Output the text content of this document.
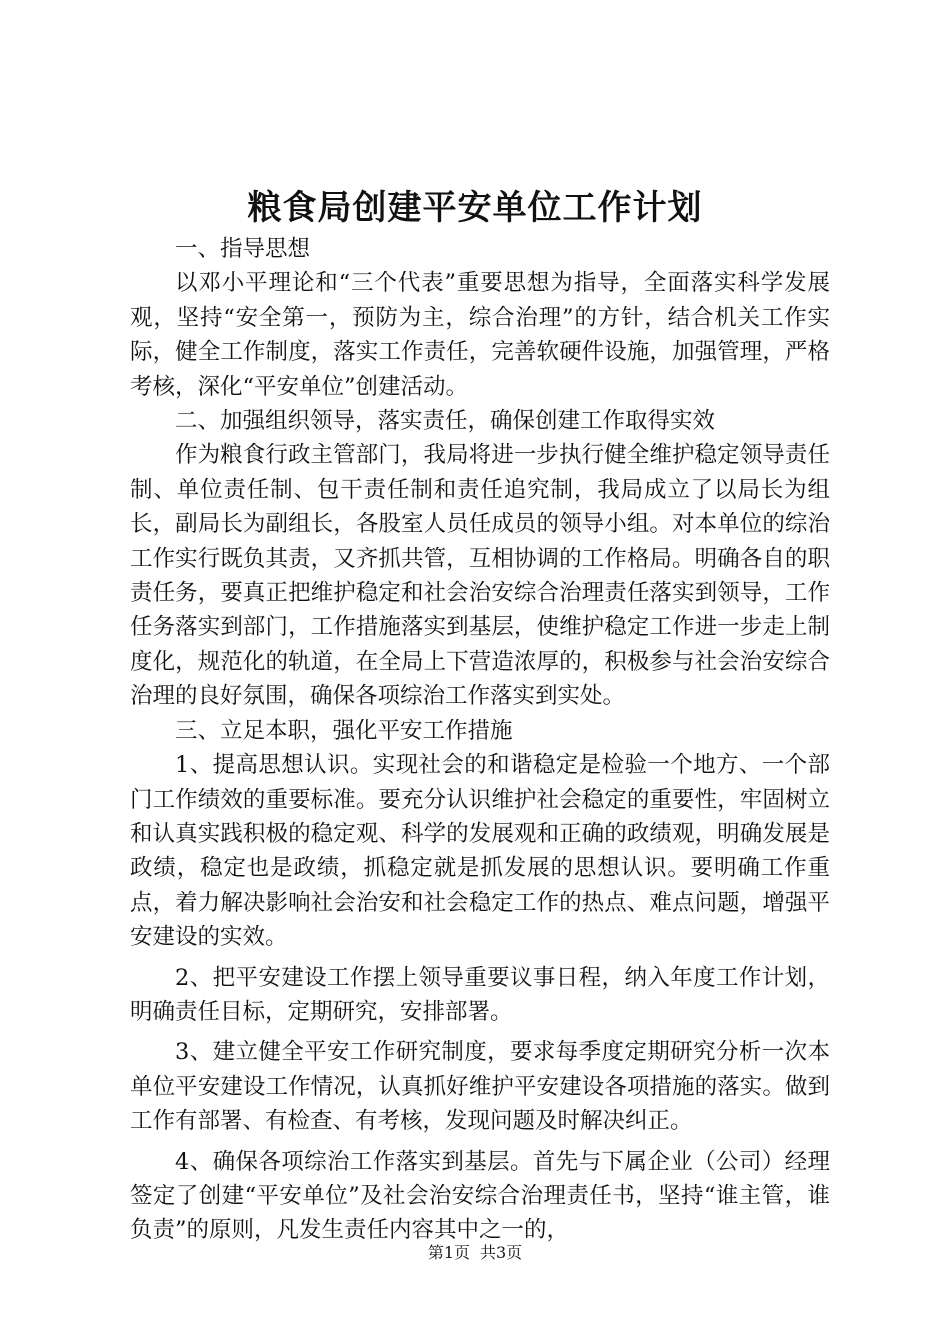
粮食局创建平安单位工作计划

一、指导思想

以邓小平理论和“三个代表”重要思想为指导，全面落实科学发展观，坚持“安全第一，预防为主，综合治理”的方针，结合机关工作实际，健全工作制度，落实工作责任，完善软硬件设施，加强管理，严格考核，深化“平安单位”创建活动。

二、加强组织领导，落实责任，确保创建工作取得实效

作为粮食行政主管部门，我局将进一步执行健全维护稳定领导责任制、单位责任制、包干责任制和责任追究制，我局成立了以局长为组长，副局长为副组长，各股室人员任成员的领导小组。对本单位的综治工作实行既负其责，又齐抓共管，互相协调的工作格局。明确各自的职责任务，要真正把维护稳定和社会治安综合治理责任落实到领导，工作任务落实到部门，工作措施落实到基层，使维护稳定工作进一步走上制度化，规范化的轨道，在全局上下营造浓厚的，积极参与社会治安综合治理的良好氛围，确保各项综治工作落实到实处。

三、立足本职，强化平安工作措施

1、提高思想认识。实现社会的和谐稳定是检验一个地方、一个部门工作绩效的重要标准。要充分认识维护社会稳定的重要性，牢固树立和认真实践积极的稳定观、科学的发展观和正确的政绩观，明确发展是政绩，稳定也是政绩，抓稳定就是抓发展的思想认识。要明确工作重点，着力解决影响社会治安和社会稳定工作的热点、难点问题，增强平安建设的实效。

2、把平安建设工作摆上领导重要议事日程，纳入年度工作计划，明确责任目标，定期研究，安排部署。

3、建立健全平安工作研究制度，要求每季度定期研究分析一次本单位平安建设工作情况，认真抓好维护平安建设各项措施的落实。做到工作有部署、有检查、有考核，发现问题及时解决纠正。

4、确保各项综治工作落实到基层。首先与下属企业（公司）经理签定了创建“平安单位”及社会治安综合治理责任书，坚持“谁主管，谁负责”的原则，凡发生责任内容其中之一的，

第1页 共3页
